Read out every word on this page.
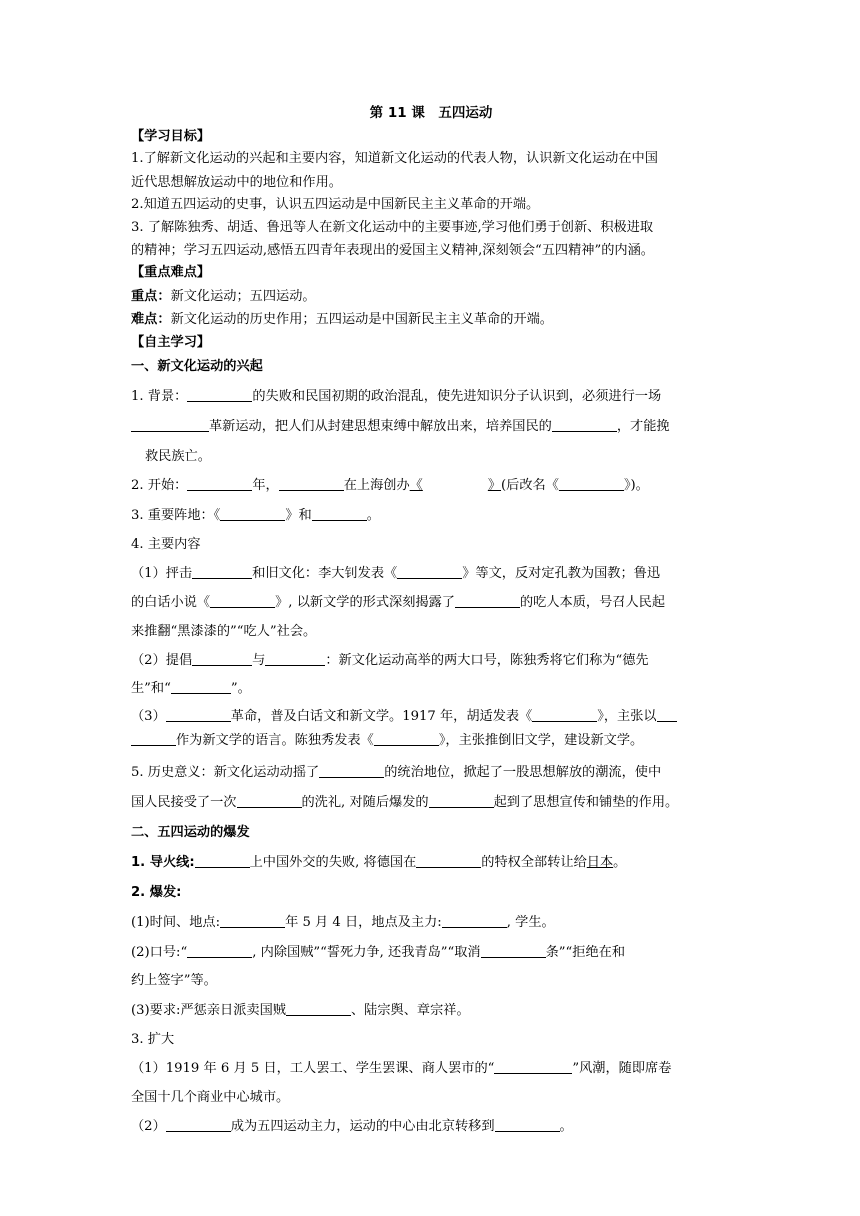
第 11 课　五四运动
【学习目标】
1.了解新文化运动的兴起和主要内容，知道新文化运动的代表人物，认识新文化运动在中国
近代思想解放运动中的地位和作用。
2.知道五四运动的史事，认识五四运动是中国新民主主义革命的开端。
3. 了解陈独秀、胡适、鲁迅等人在新文化运动中的主要事迹,学习他们勇于创新、积极进取
的精神；学习五四运动,感悟五四青年表现出的爱国主义精神,深刻领会“五四精神”的内涵。
【重点难点】
重点：新文化运动；五四运动。
难点：新文化运动的历史作用；五四运动是中国新民主主义革命的开端。
【自主学习】
一、新文化运动的兴起
1. 背景：	的失败和民国初期的政治混乱，使先进知识分子认识到，必须进行一场
革新运动，把人们从封建思想束缚中解放出来，培养国民的	，才能挽
救民族亡。
2. 开始：	年，	在上海创办《	》(后改名《	》)。
3. 重要阵地：《	》和	。
4. 主要内容
（1）抨击	和旧文化：李大钊发表《	》等文，反对定孔教为国教；鲁迅
的白话小说《	》, 以新文学的形式深刻揭露了	的吃人本质，号召人民起
来推翻“黑漆漆的”“吃人”社会。
（2）提倡	与	：新文化运动高举的两大口号，陈独秀将它们称为“德先
生”和“	”。
（3）	革命，普及白话文和新文学。1917 年，胡适发表《	》，主张以
作为新文学的语言。陈独秀发表《	》，主张推倒旧文学，建设新文学。
5. 历史意义：新文化运动动摇了	的统治地位，掀起了一股思想解放的潮流，使中
国人民接受了一次	的洗礼, 对随后爆发的	起到了思想宣传和铺垫的作用。
二、五四运动的爆发
1. 导火线:	上中国外交的失败, 将德国在	的特权全部转让给日本。
2. 爆发:
(1)时间、地点:	年 5 月 4 日，地点及主力:	, 学生。
(2)口号:“	, 内除国贼”“誓死力争, 还我青岛”“取消	条”“拒绝在和
约上签字”等。
(3)要求:严惩亲日派卖国贼	、陆宗舆、章宗祥。
3. 扩大
（1）1919 年 6 月 5 日，工人罢工、学生罢课、商人罢市的“	”风潮，随即席卷
全国十几个商业中心城市。
（2）	成为五四运动主力，运动的中心由北京转移到	。
